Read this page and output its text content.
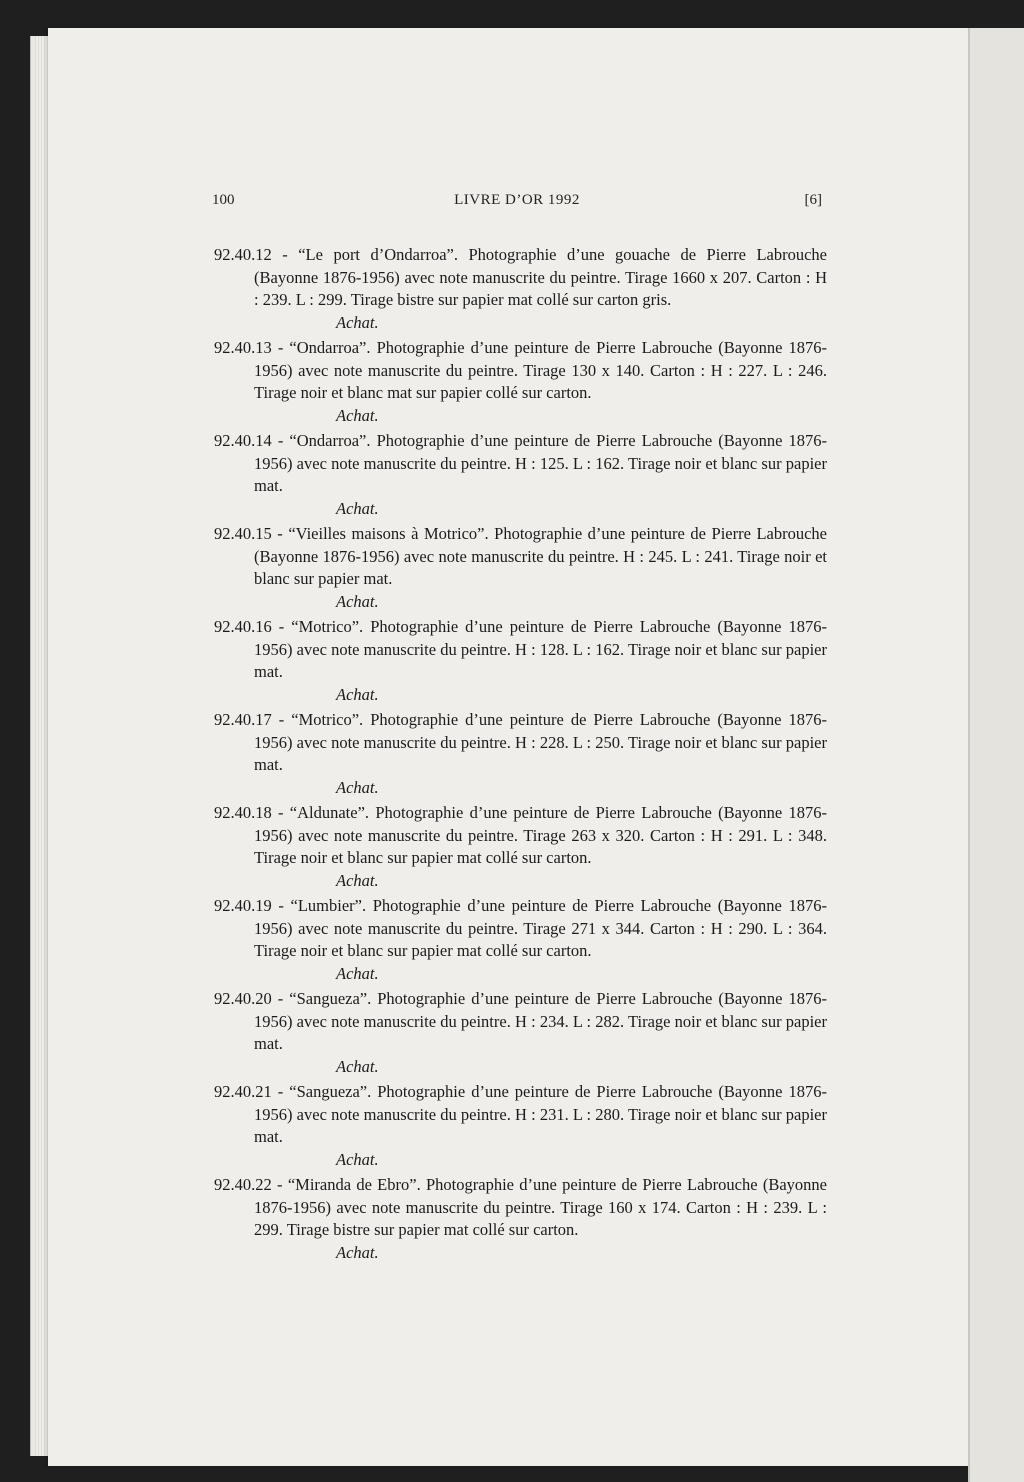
100	LIVRE D’OR 1992	[6]

92.40.12 - “Le port d’Ondarroa”. Photographie d’une gouache de Pierre Labrouche (Bayonne 1876-1956) avec note manuscrite du peintre. Tirage 1660 x 207. Carton : H : 239. L : 299. Tirage bistre sur papier mat collé sur carton gris.

Achat.

92.40.13 - “Ondarroa”. Photographie d’une peinture de Pierre Labrouche (Bayonne 1876-1956) avec note manuscrite du peintre. Tirage 130 x 140. Carton : H : 227. L : 246. Tirage noir et blanc mat sur papier collé sur carton.

Achat.

92.40.14 - “Ondarroa”. Photographie d’une peinture de Pierre Labrouche (Bayonne 1876-1956) avec note manuscrite du peintre. H : 125. L : 162. Tirage noir et blanc sur papier mat.

Achat.

92.40.15 - “Vieilles maisons à Motrico”. Photographie d’une peinture de Pierre Labrouche (Bayonne 1876-1956) avec note manuscrite du peintre. H : 245. L : 241. Tirage noir et blanc sur papier mat.

Achat.

92.40.16 - “Motrico”. Photographie d’une peinture de Pierre Labrouche (Bayonne 1876-1956) avec note manuscrite du peintre. H : 128. L : 162. Tirage noir et blanc sur papier mat.

Achat.

92.40.17 - “Motrico”. Photographie d’une peinture de Pierre Labrouche (Bayonne 1876-1956) avec note manuscrite du peintre. H : 228. L : 250. Tirage noir et blanc sur papier mat.

Achat.

92.40.18 - “Aldunate”. Photographie d’une peinture de Pierre Labrouche (Bayonne 1876-1956) avec note manuscrite du peintre. Tirage 263 x 320. Carton : H : 291. L : 348. Tirage noir et blanc sur papier mat collé sur carton.

Achat.

92.40.19 - “Lumbier”. Photographie d’une peinture de Pierre Labrouche (Bayonne 1876-1956) avec note manuscrite du peintre. Tirage 271 x 344. Carton : H : 290. L : 364. Tirage noir et blanc sur papier mat collé sur carton.

Achat.

92.40.20 - “Sangueza”. Photographie d’une peinture de Pierre Labrouche (Bayonne 1876-1956) avec note manuscrite du peintre. H : 234. L : 282. Tirage noir et blanc sur papier mat.

Achat.

92.40.21 - “Sangueza”. Photographie d’une peinture de Pierre Labrouche (Bayonne 1876-1956) avec note manuscrite du peintre. H : 231. L : 280. Tirage noir et blanc sur papier mat.

Achat.

92.40.22 - “Miranda de Ebro”. Photographie d’une peinture de Pierre Labrouche (Bayonne 1876-1956) avec note manuscrite du peintre. Tirage 160 x 174. Carton : H : 239. L : 299. Tirage bistre sur papier mat collé sur carton.

Achat.
